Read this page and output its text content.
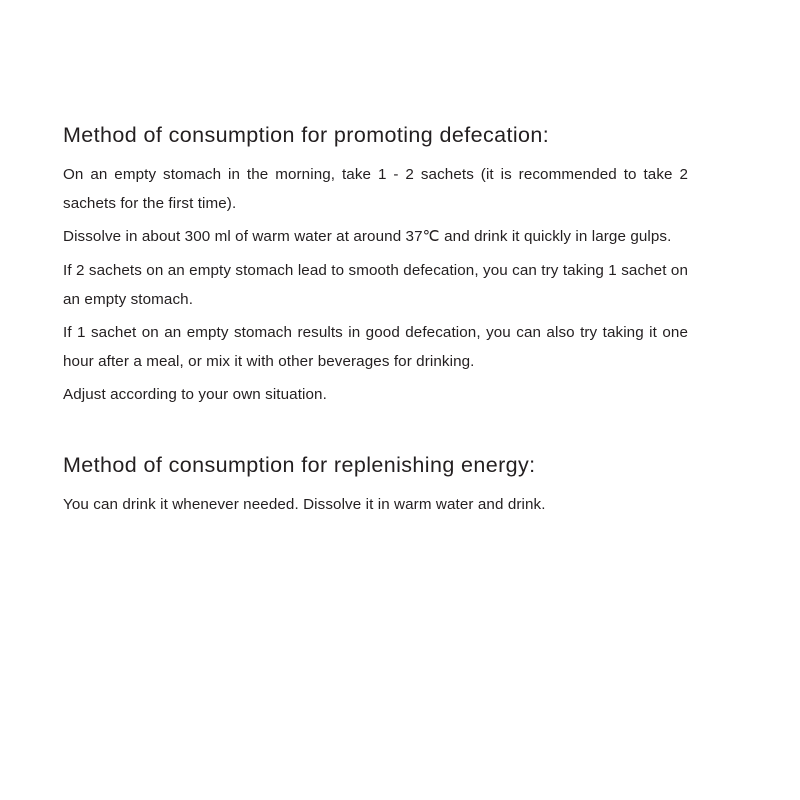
Method of consumption for promoting defecation:

On an empty stomach in the morning, take 1 - 2 sachets (it is recommended to take 2 sachets for the first time).

Dissolve in about 300 ml of warm water at around 37℃ and drink it quickly in large gulps.

If 2 sachets on an empty stomach lead to smooth defecation, you can try taking 1 sachet on an empty stomach.

If 1 sachet on an empty stomach results in good defecation, you can also try taking it one hour after a meal, or mix it with other beverages for drinking.

Adjust according to your own situation.

Method of consumption for replenishing energy:

You can drink it whenever needed. Dissolve it in warm water and drink.
